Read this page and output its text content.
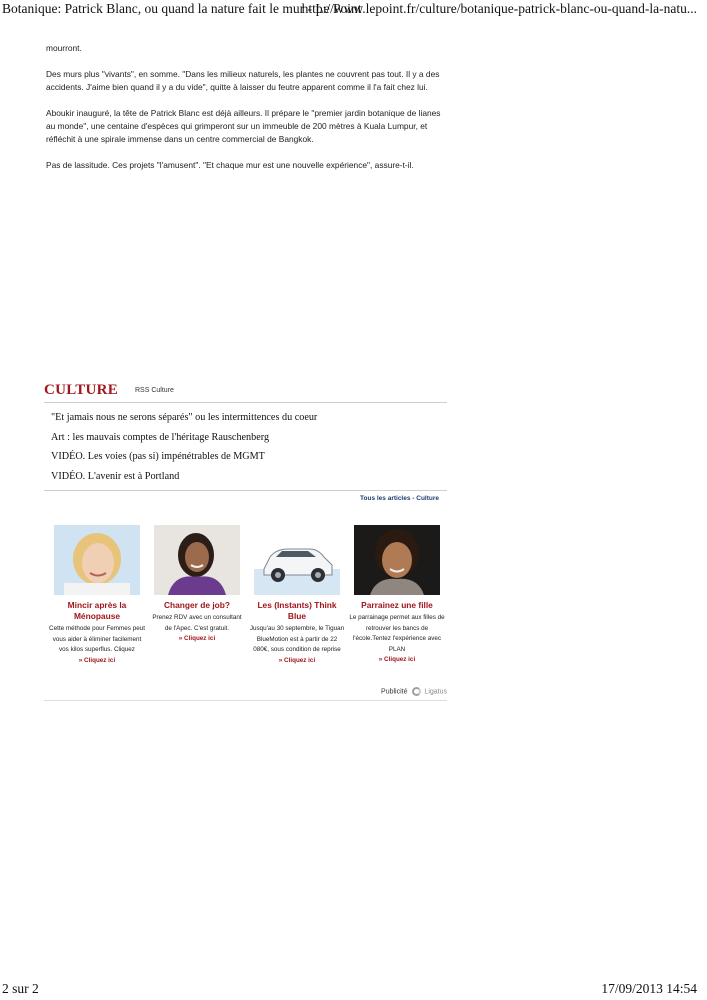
Botanique: Patrick Blanc, ou quand la nature fait le mur - Le Point
http://www.lepoint.fr/culture/botanique-patrick-blanc-ou-quand-la-natu...

mourront.

Des murs plus "vivants", en somme. "Dans les milieux naturels, les plantes ne couvrent pas tout. Il y a des accidents. J'aime bien quand il y a du vide", quitte à laisser du feutre apparent comme il l'a fait chez lui.

Aboukir inauguré, la tête de Patrick Blanc est déjà ailleurs. Il prépare le "premier jardin botanique de lianes au monde", une centaine d'espèces qui grimperont sur un immeuble de 200 mètres à Kuala Lumpur, et réfléchit à une spirale immense dans un centre commercial de Bangkok.

Pas de lassitude. Ces projets "l'amusent". "Et chaque mur est une nouvelle expérience", assure-t-il.

CULTURE RSS Culture
"Et jamais nous ne serons séparés" ou les intermittences du coeur
Art : les mauvais comptes de l'héritage Rauschenberg
VIDÉO. Les voies (pas si) impénétrables de MGMT
VIDÉO. L'avenir est à Portland
Tous les articles - Culture
Mincir après la Ménopause
Cette méthode pour Femmes peut vous aider à éliminer facilement vos kilos superflus. Cliquez
» Cliquez ici
Changer de job?
Prenez RDV avec un consultant de l'Apec. C'est gratuit.
» Cliquez ici
Les (Instants) Think Blue
Jusqu'au 30 septembre, le Tiguan BlueMotion est à partir de 22 080€, sous condition de reprise
» Cliquez ici
Parrainez une fille
Le parrainage permet aux filles de retrouver les bancs de l'école.Tentez l'expérience avec PLAN
» Cliquez ici
Publicité Ligatus
2 sur 2	17/09/2013 14:54
